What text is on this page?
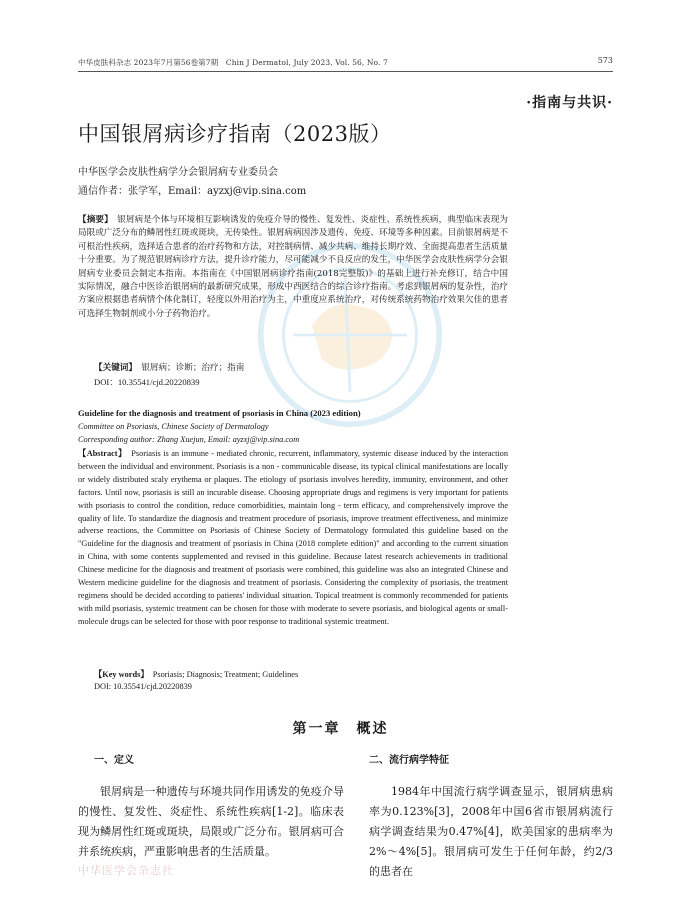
中华皮肤科杂志 2023年7月第56卷第7期　Chin J Dermatol, July 2023, Vol. 56, No. 7	573
·指南与共识·
中国银屑病诊疗指南（2023版）
中华医学会皮肤性病学分会银屑病专业委员会
通信作者：张学军，Email：ayzxj@vip.sina.com
【摘要】　银屑病是个体与环境相互影响诱发的免疫介导的慢性、复发性、炎症性、系统性疾病，典型临床表现为局限或广泛分布的鳞屑性红斑或斑块，无传染性。银屑病病因涉及遗传、免疫、环境等多种因素。目前银屑病是不可根治性疾病，选择适合患者的治疗药物和方法，对控制病情、减少共病、维持长期疗效、全面提高患者生活质量十分重要。为了规范银屑病诊疗方法，提升诊疗能力，尽可能减少不良反应的发生，中华医学会皮肤性病学分会银屑病专业委员会制定本指南。本指南在《中国银屑病诊疗指南(2018完整版)》的基础上进行补充修订，结合中国实际情况，融合中医诊治银屑病的最新研究成果，形成中西医结合的综合诊疗指南。考虑到银屑病的复杂性，治疗方案应根据患者病情个体化制订，轻度以外用治疗为主，中重度应系统治疗，对传统系统药物治疗效果欠佳的患者可选择生物制剂或小分子药物治疗。
【关键词】　银屑病；诊断；治疗；指南
DOI：10.35541/cjd.20220839
Guideline for the diagnosis and treatment of psoriasis in China (2023 edition)
Committee on Psoriasis, Chinese Society of Dermatology
Corresponding author: Zhang Xuejun, Email: ayzxj@vip.sina.com
【Abstract】　Psoriasis is an immune - mediated chronic, recurrent, inflammatory, systemic disease induced by the interaction between the individual and environment. Psoriasis is a non - communicable disease, its typical clinical manifestations are locally or widely distributed scaly erythema or plaques. The etiology of psoriasis involves heredity, immunity, environment, and other factors. Until now, psoriasis is still an incurable disease. Choosing appropriate drugs and regimens is very important for patients with psoriasis to control the condition, reduce comorbidities, maintain long - term efficacy, and comprehensively improve the quality of life. To standardize the diagnosis and treatment procedure of psoriasis, improve treatment effectiveness, and minimize adverse reactions, the Committee on Psoriasis of Chinese Society of Dermatology formulated this guideline based on the "Guideline for the diagnosis and treatment of psoriasis in China (2018 complete edition)" and according to the current situation in China, with some contents supplemented and revised in this guideline. Because latest research achievements in traditional Chinese medicine for the diagnosis and treatment of psoriasis were combined, this guideline was also an integrated Chinese and Western medicine guideline for the diagnosis and treatment of psoriasis. Considering the complexity of psoriasis, the treatment regimens should be decided according to patients' individual situation. Topical treatment is commonly recommended for patients with mild psoriasis, systemic treatment can be chosen for those with moderate to severe psoriasis, and biological agents or small-molecule drugs can be selected for those with poor response to traditional systemic treatment.
【Key words】　Psoriasis; Diagnosis; Treatment; Guidelines
DOI: 10.35541/cjd.20220839
第一章　概述
一、定义	二、流行病学特征

银屑病是一种遗传与环境共同作用诱发的免疫介导的慢性、复发性、炎症性、系统性疾病[1-2]。临床表现为鳞屑性红斑或斑块，局限或广泛分布。银屑病可合并系统疾病，严重影响患者的生活质量。

1984年中国流行病学调查显示，银屑病患病率为0.123%[3]，2008年中国6省市银屑病流行病学调查结果为0.47%[4]，欧美国家的患病率为2%～4%[5]。银屑病可发生于任何年龄，约2/3的患者在

中华医学会杂志社
